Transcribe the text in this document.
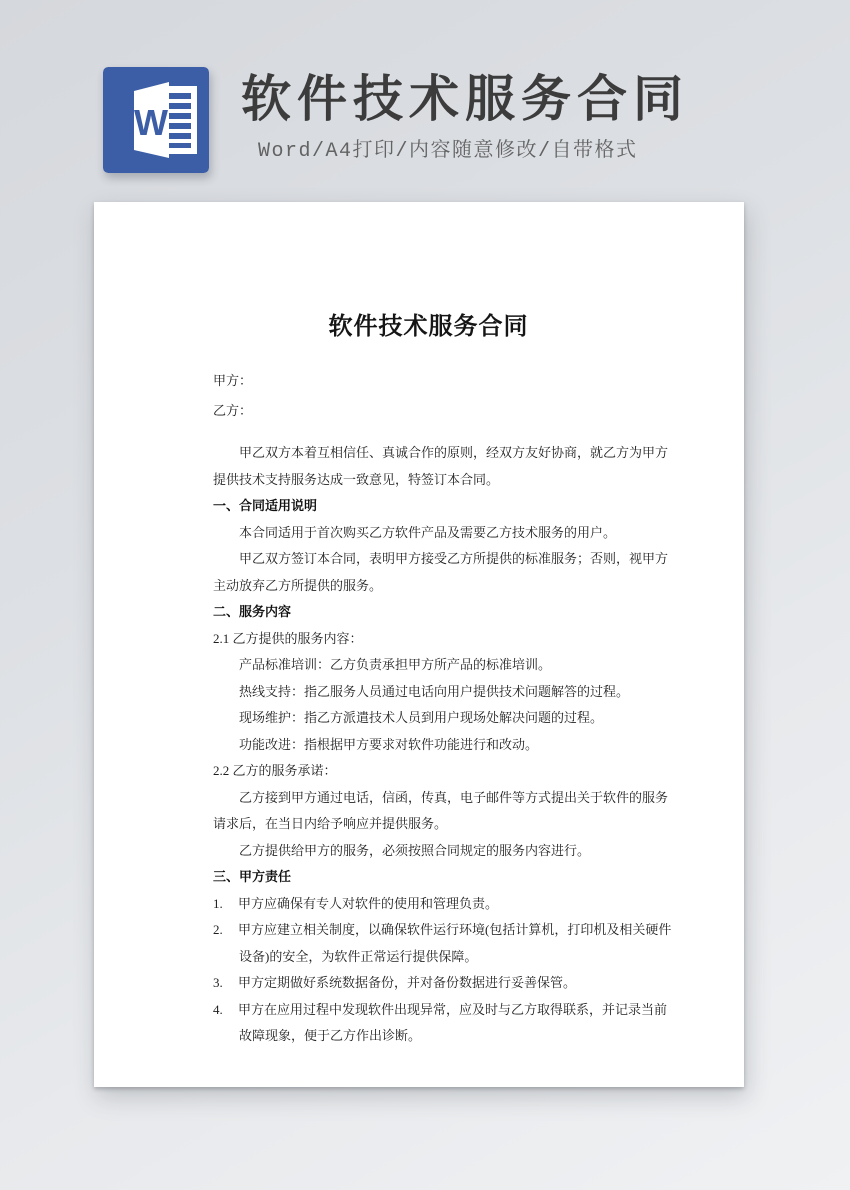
W 软件技术服务合同
Word/A4打印/内容随意修改/自带格式
软件技术服务合同
甲方：
乙方：
甲乙双方本着互相信任、真诚合作的原则，经双方友好协商，就乙方为甲方
提供技术支持服务达成一致意见，特签订本合同。
一、合同适用说明
本合同适用于首次购买乙方软件产品及需要乙方技术服务的用户。
甲乙双方签订本合同，表明甲方接受乙方所提供的标准服务；否则，视甲方
主动放弃乙方所提供的服务。
二、服务内容
2.1 乙方提供的服务内容：
产品标准培训：乙方负责承担甲方所产品的标准培训。
热线支持：指乙服务人员通过电话向用户提供技术问题解答的过程。
现场维护：指乙方派遣技术人员到用户现场处解决问题的过程。
功能改进：指根据甲方要求对软件功能进行和改动。
2.2 乙方的服务承诺：
乙方接到甲方通过电话，信函，传真，电子邮件等方式提出关于软件的服务
请求后，在当日内给予响应并提供服务。
乙方提供给甲方的服务，必须按照合同规定的服务内容进行。
三、甲方责任
1.	甲方应确保有专人对软件的使用和管理负责。
2.	甲方应建立相关制度，以确保软件运行环境(包括计算机，打印机及相关硬件
设备)的安全，为软件正常运行提供保障。
3.	甲方定期做好系统数据备份，并对备份数据进行妥善保管。
4.	甲方在应用过程中发现软件出现异常，应及时与乙方取得联系，并记录当前
故障现象，便于乙方作出诊断。
